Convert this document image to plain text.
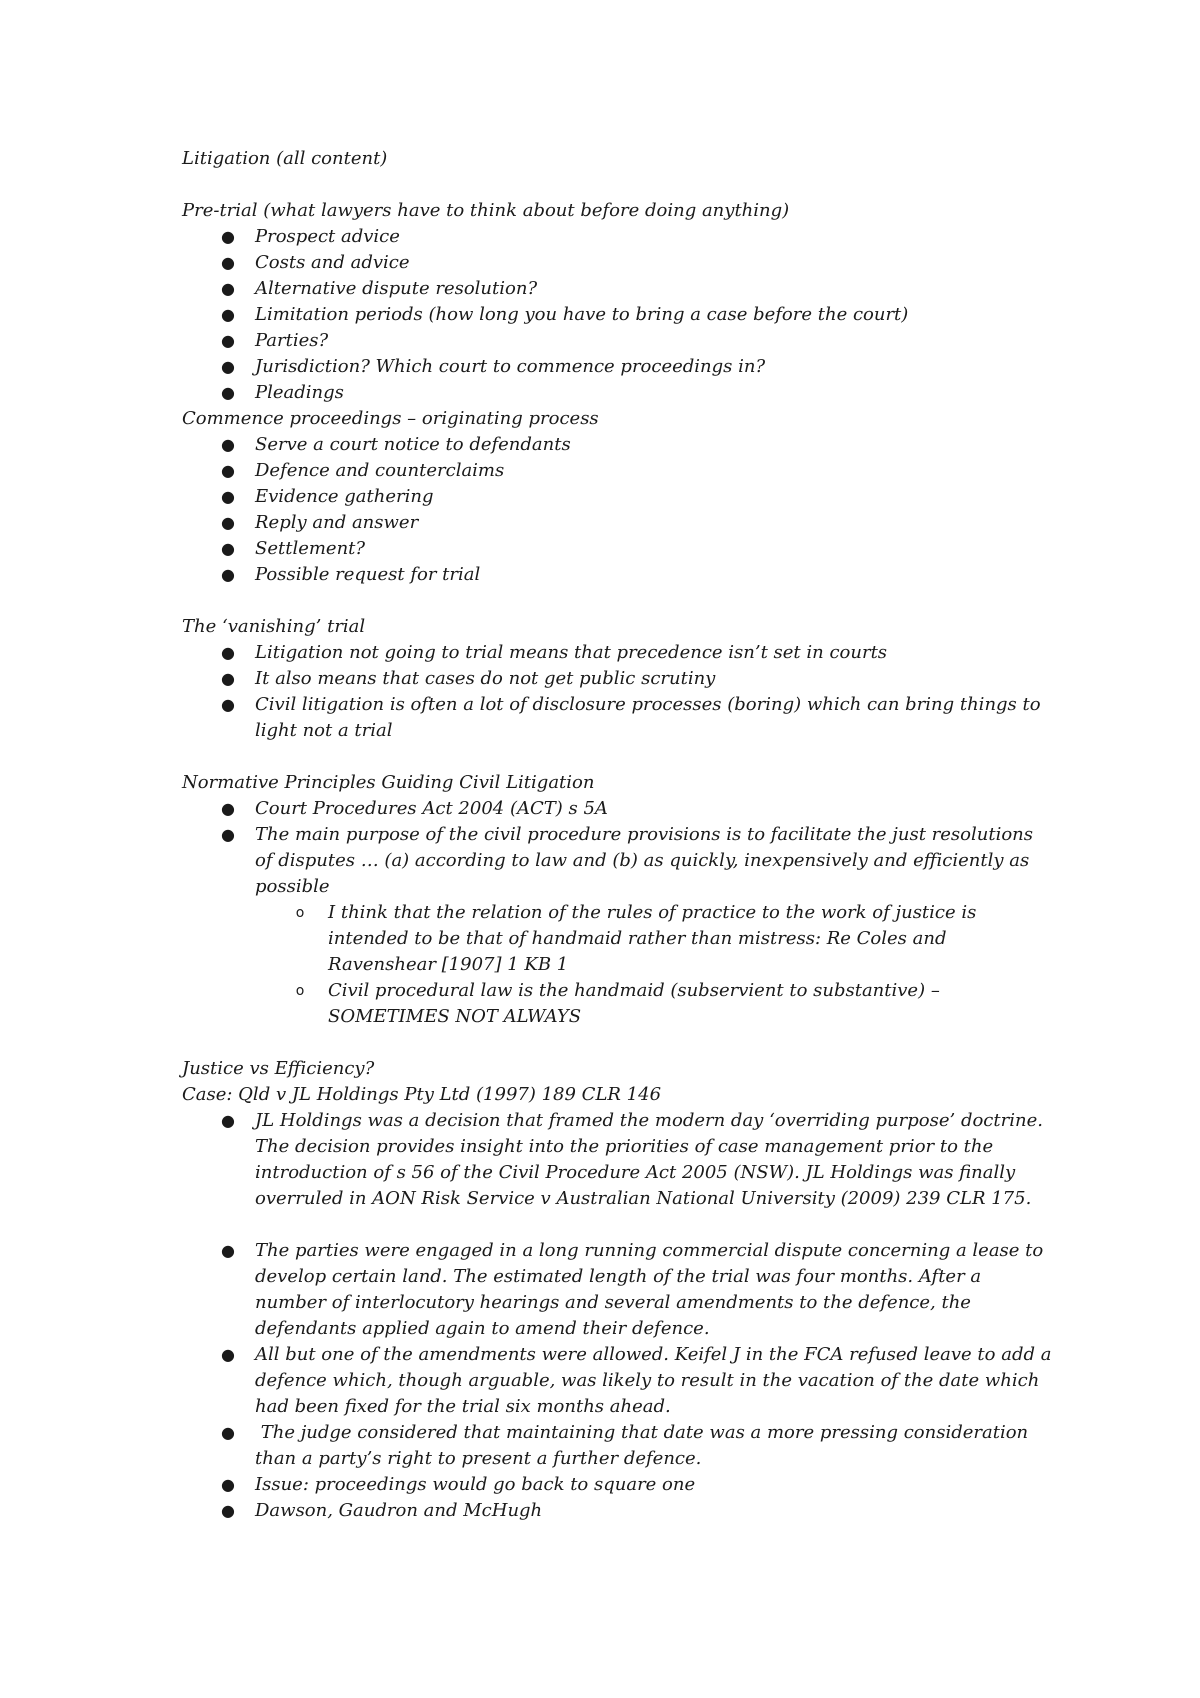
Litigation (all content)
Pre-trial (what lawyers have to think about before doing anything)
● Prospect advice
● Costs and advice
● Alternative dispute resolution?
● Limitation periods (how long you have to bring a case before the court)
● Parties?
● Jurisdiction? Which court to commence proceedings in?
● Pleadings
Commence proceedings – originating process
● Serve a court notice to defendants
● Defence and counterclaims
● Evidence gathering
● Reply and answer
● Settlement?
● Possible request for trial
The ‘vanishing’ trial
● Litigation not going to trial means that precedence isn’t set in courts
● It also means that cases do not get public scrutiny
● Civil litigation is often a lot of disclosure processes (boring) which can bring things to light not a trial
Normative Principles Guiding Civil Litigation
● Court Procedures Act 2004 (ACT) s 5A
● The main purpose of the civil procedure provisions is to facilitate the just resolutions of disputes … (a) according to law and (b) as quickly, inexpensively and efficiently as possible
o I think that the relation of the rules of practice to the work of justice is intended to be that of handmaid rather than mistress: Re Coles and Ravenshear [1907] 1 KB 1
o Civil procedural law is the handmaid (subservient to substantive) – SOMETIMES NOT ALWAYS
Justice vs Efficiency?
Case: Qld v JL Holdings Pty Ltd (1997) 189 CLR 146
● JL Holdings was a decision that framed the modern day ‘overriding purpose’ doctrine. The decision provides insight into the priorities of case management prior to the introduction of s 56 of the Civil Procedure Act 2005 (NSW). JL Holdings was finally overruled in AON Risk Service v Australian National University (2009) 239 CLR 175.
● The parties were engaged in a long running commercial dispute concerning a lease to develop certain land. The estimated length of the trial was four months. After a number of interlocutory hearings and several amendments to the defence, the defendants applied again to amend their defence.
● All but one of the amendments were allowed. Keifel J in the FCA refused leave to add a defence which, though arguable, was likely to result in the vacation of the date which had been fixed for the trial six months ahead.
● The judge considered that maintaining that date was a more pressing consideration than a party’s right to present a further defence.
● Issue: proceedings would go back to square one
● Dawson, Gaudron and McHugh
